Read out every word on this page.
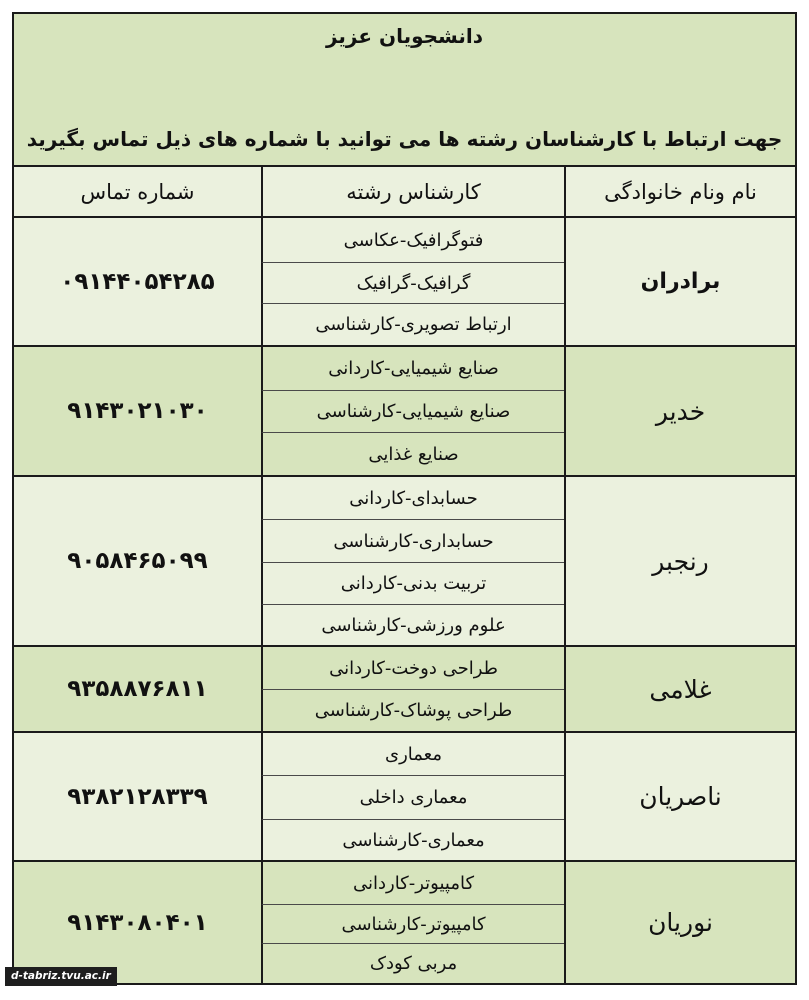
دانشجویان عزیز
جهت ارتباط با کارشناسان رشته ها می توانید با شماره های ذیل تماس بگیرید
نام ونام خانوادگی
کارشناس رشته
شماره تماس
برادران
فتوگرافیک-عکاسی
گرافیک-گرافیک
ارتباط تصویری-کارشناسی
۰۹۱۴۴۰۵۴۲۸۵
خدیر
صنایع شیمیایی-کاردانی
صنایع شیمیایی-کارشناسی
صنایع غذایی
۹۱۴۳۰۲۱۰۳۰
رنجبر
حسابدای-کاردانی
حسابداری-کارشناسی
تربیت بدنی-کاردانی
علوم ورزشی-کارشناسی
۹۰۵۸۴۶۵۰۹۹
غلامی
طراحی دوخت-کاردانی
طراحی پوشاک-کارشناسی
۹۳۵۸۸۷۶۸۱۱
ناصریان
معماری
معماری داخلی
معماری-کارشناسی
۹۳۸۲۱۲۸۳۳۹
نوریان
کامپیوتر-کاردانی
کامپیوتر-کارشناسی
مربی کودک
۹۱۴۳۰۸۰۴۰۱
d-tabriz.tvu.ac.ir
